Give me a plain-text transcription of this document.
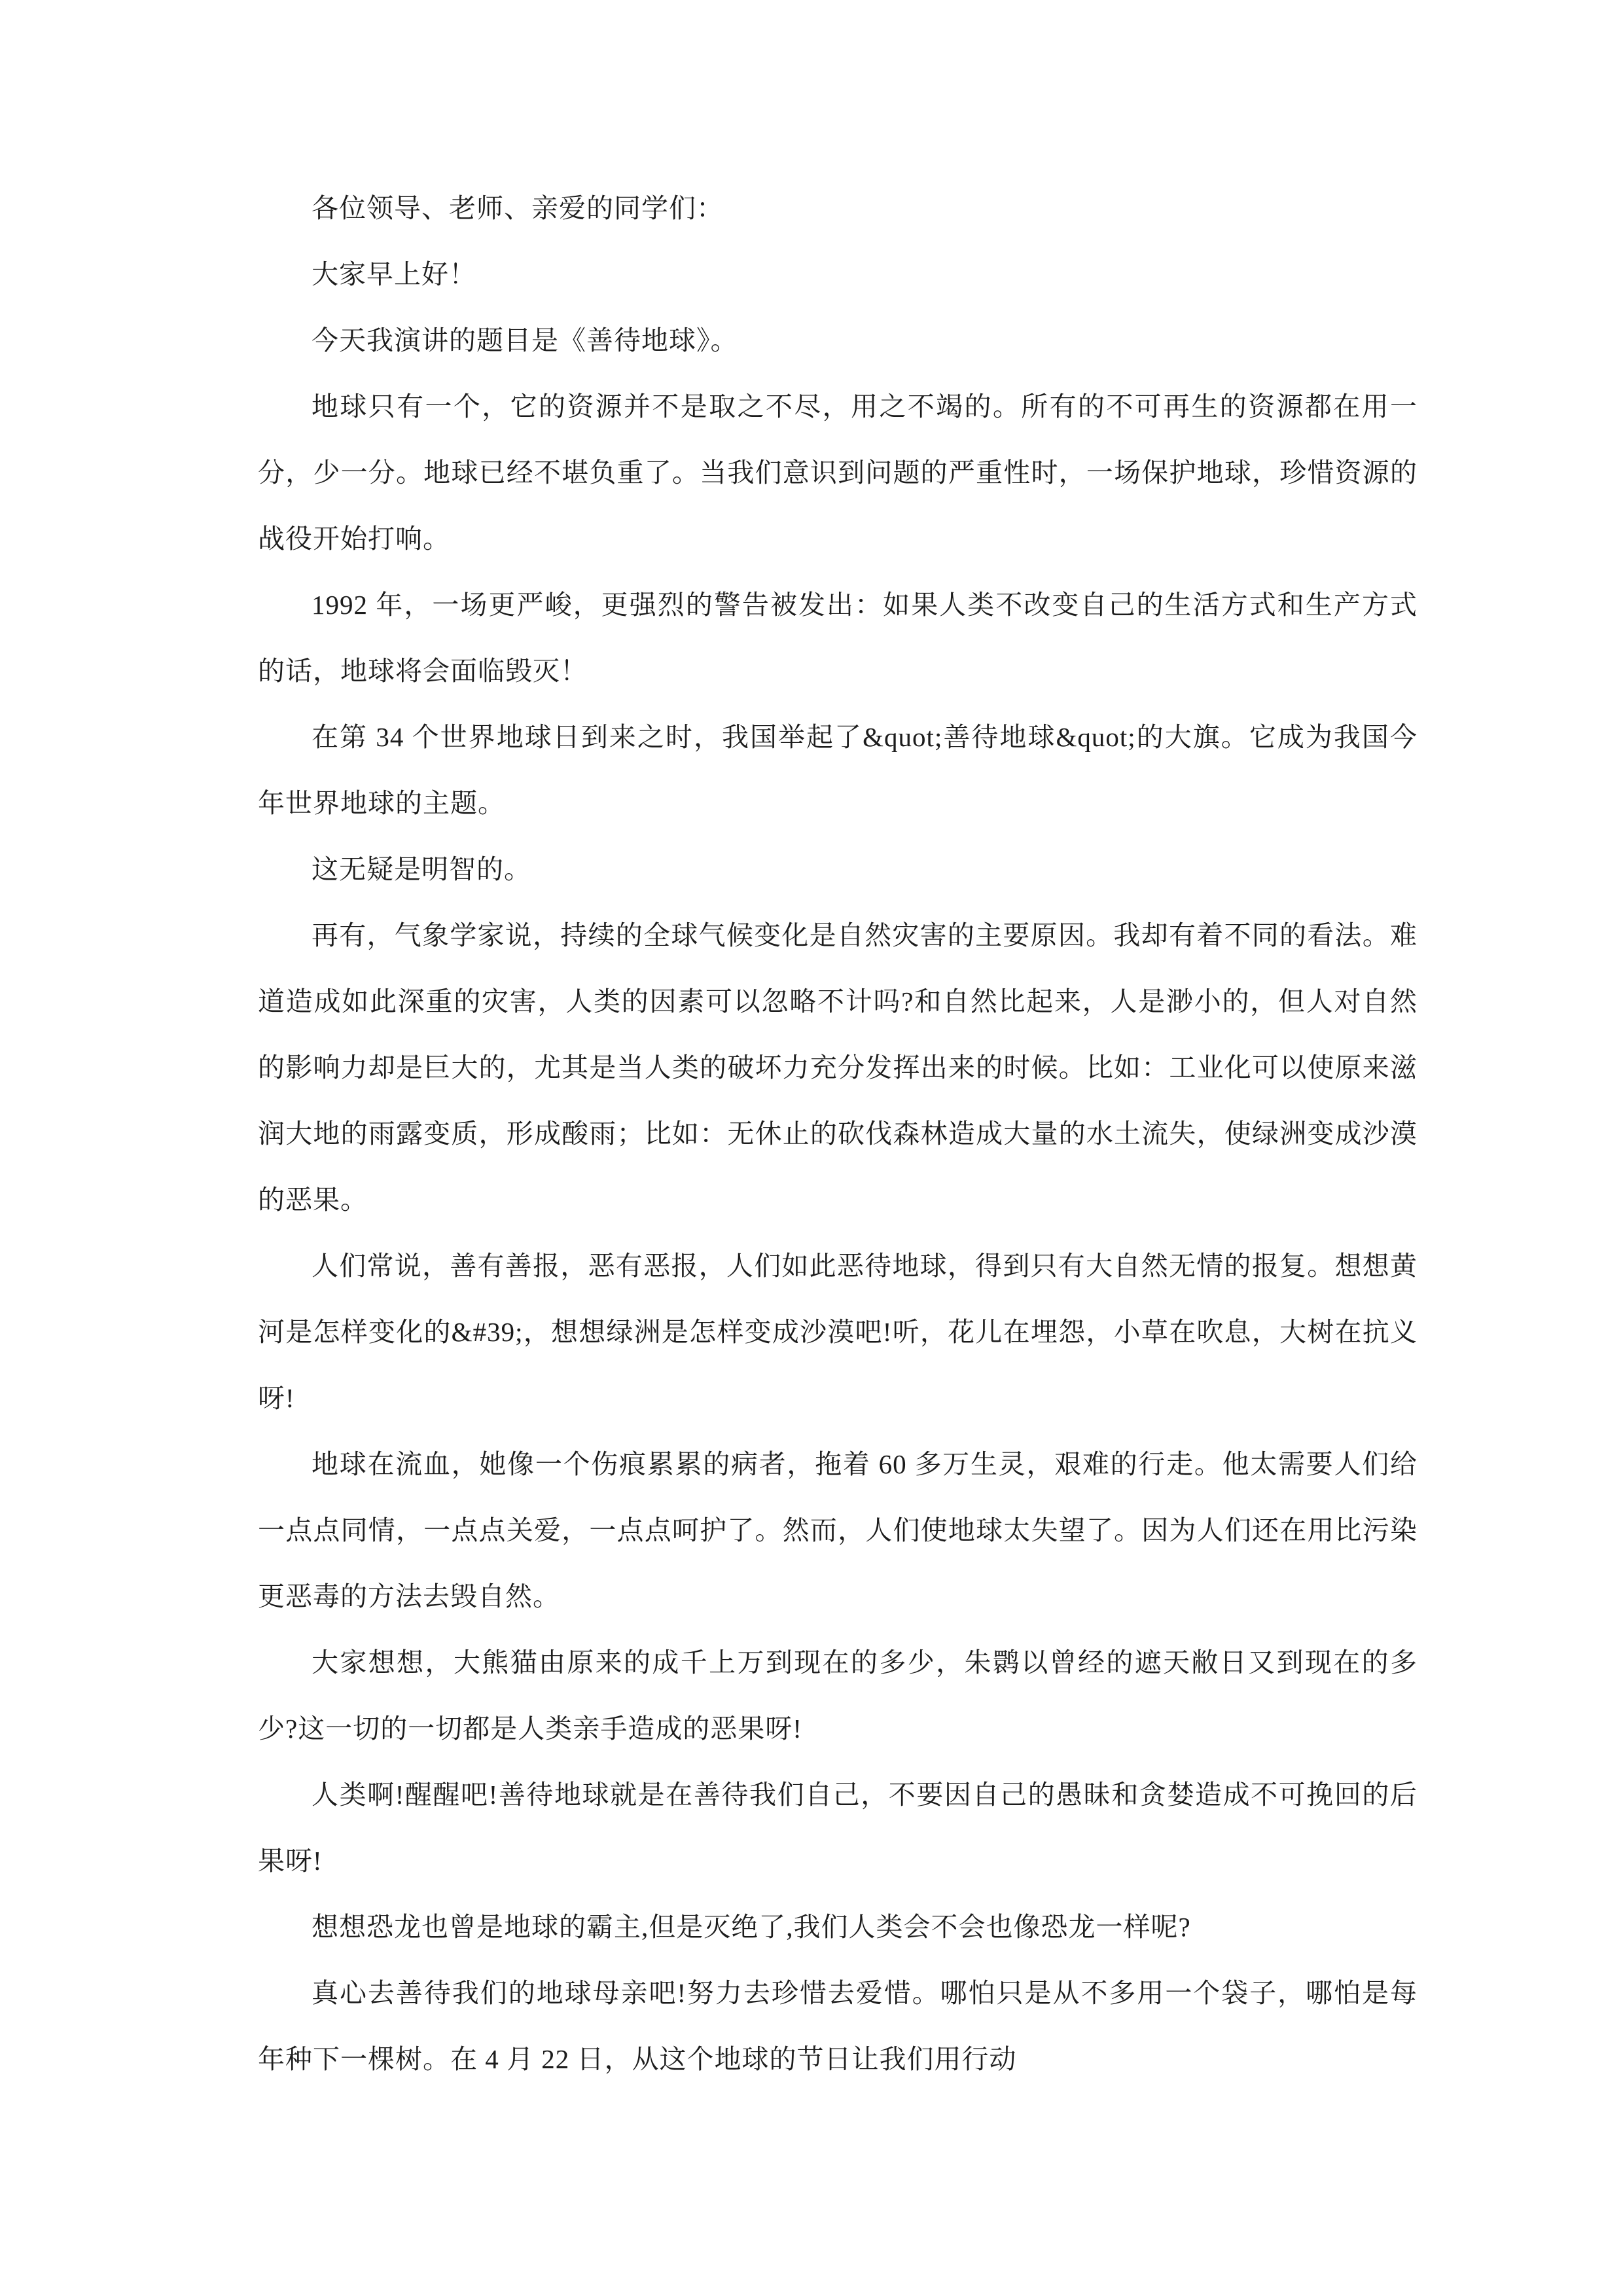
各位领导、老师、亲爱的同学们：

大家早上好！

今天我演讲的题目是《善待地球》。

地球只有一个，它的资源并不是取之不尽，用之不竭的。所有的不可再生的资源都在用一分，少一分。地球已经不堪负重了。当我们意识到问题的严重性时，一场保护地球，珍惜资源的战役开始打响。

1992 年，一场更严峻，更强烈的警告被发出：如果人类不改变自己的生活方式和生产方式的话，地球将会面临毁灭！

在第 34 个世界地球日到来之时，我国举起了&quot;善待地球&quot;的大旗。它成为我国今年世界地球的主题。

这无疑是明智的。

再有，气象学家说，持续的全球气候变化是自然灾害的主要原因。我却有着不同的看法。难道造成如此深重的灾害，人类的因素可以忽略不计吗?和自然比起来，人是渺小的，但人对自然的影响力却是巨大的，尤其是当人类的破坏力充分发挥出来的时候。比如：工业化可以使原来滋润大地的雨露变质，形成酸雨；比如：无休止的砍伐森林造成大量的水土流失，使绿洲变成沙漠的恶果。

人们常说，善有善报，恶有恶报，人们如此恶待地球，得到只有大自然无情的报复。想想黄河是怎样变化的&#39;，想想绿洲是怎样变成沙漠吧!听，花儿在埋怨，小草在吹息，大树在抗义呀!

地球在流血，她像一个伤痕累累的病者，拖着 60 多万生灵，艰难的行走。他太需要人们给一点点同情，一点点关爱，一点点呵护了。然而，人们使地球太失望了。因为人们还在用比污染更恶毒的方法去毁自然。

大家想想，大熊猫由原来的成千上万到现在的多少，朱鹮以曾经的遮天敝日又到现在的多少?这一切的一切都是人类亲手造成的恶果呀!

人类啊!醒醒吧!善待地球就是在善待我们自己，不要因自己的愚昧和贪婪造成不可挽回的后果呀!

想想恐龙也曾是地球的霸主,但是灭绝了,我们人类会不会也像恐龙一样呢?

真心去善待我们的地球母亲吧!努力去珍惜去爱惜。哪怕只是从不多用一个袋子，哪怕是每年种下一棵树。在 4 月 22 日，从这个地球的节日让我们用行动
